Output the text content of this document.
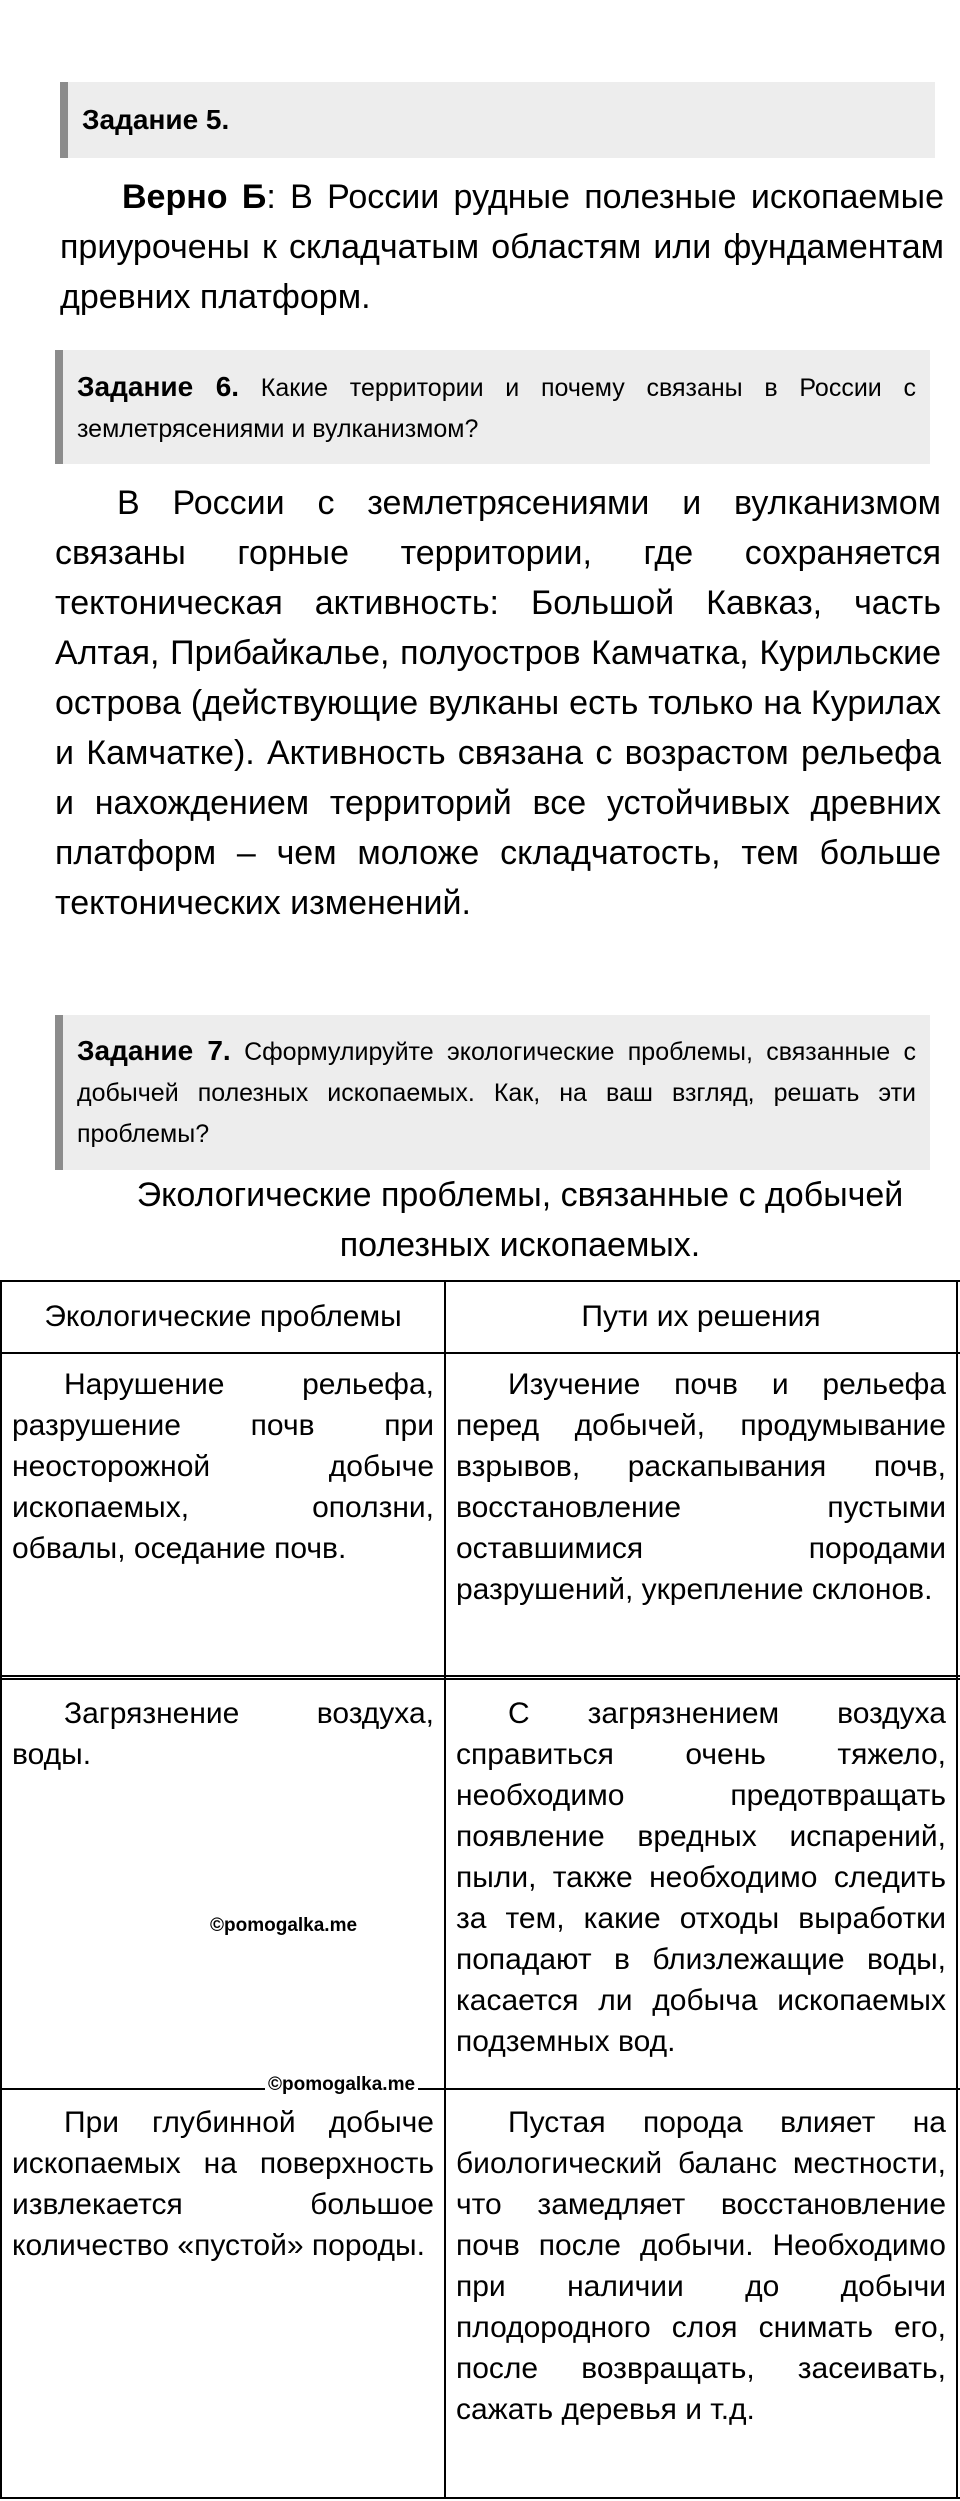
Задание 5.
Верно Б: В России рудные полезные ископаемые приурочены к складчатым областям или фундаментам древних платформ.
Задание 6. Какие территории и почему связаны в России с землетрясениями и вулканизмом?
В России с землетрясениями и вулканизмом связаны горные территории, где сохраняется тектоническая активность: Большой Кавказ, часть Алтая, Прибайкалье, полуостров Камчатка, Курильские острова (действующие вулканы есть только на Курилах и Камчатке). Активность связана с возрастом рельефа и нахождением территорий все устойчивых древних платформ – чем моложе складчатость, тем больше тектонических изменений.
Задание 7. Сформулируйте экологические проблемы, связанные с добычей полезных ископаемых. Как, на ваш взгляд, решать эти проблемы?
Экологические проблемы, связанные с добычей полезных ископаемых.
Экологические проблемы	Пути их решения
Нарушение рельефа, разрушение почв при неосторожной добыче ископаемых, оползни, обвалы, оседание почв.
Изучение почв и рельефа перед добычей, продумывание взрывов, раскапывания почв, восстановление пустыми оставшимися породами разрушений, укрепление склонов.
Загрязнение воздуха, воды.
С загрязнением воздуха справиться очень тяжело, необходимо предотвращать появление вредных испарений, пыли, также необходимо следить за тем, какие отходы выработки попадают в близлежащие воды, касается ли добыча ископаемых подземных вод.
При глубинной добыче ископаемых на поверхность извлекается большое количество «пустой» породы.
Пустая порода влияет на биологический баланс местности, что замедляет восстановление почв после добычи. Необходимо при наличии до добычи плодородного слоя снимать его, после возвращать, засеивать, сажать деревья и т.д.
©pomogalka.me
©pomogalka.me
